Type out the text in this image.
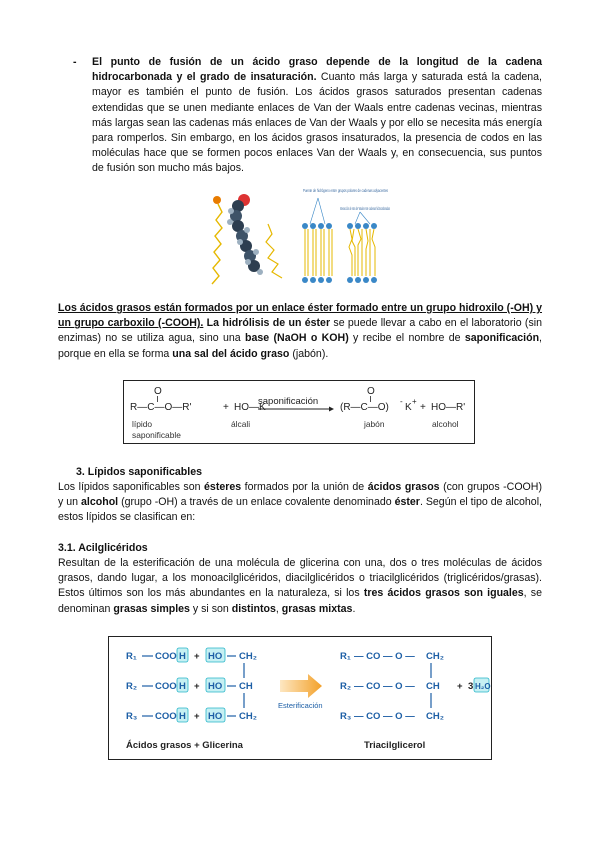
- El punto de fusión de un ácido graso depende de la longitud de la cadena hidrocarbonada y el grado de insaturación. Cuanto más larga y saturada está la cadena, mayor es también el punto de fusión. Los ácidos grasos saturados presentan cadenas extendidas que se unen mediante enlaces de Van der Waals entre cadenas vecinas, mientras más largas sean las cadenas más enlaces de Van der Waals y por ello se necesita más energía para romperlos. Sin embargo, en los ácidos grasos insaturados, la presencia de codos en las moléculas hace que se formen pocos enlaces Van der Waals y, en consecuencia, sus puntos de fusión son mucho más bajos.
Puente de hidrógeno entre grupos polares de cadenas adyacentes
Interacción de Van der Waals entre cadenas hidrocarbonadas
Los ácidos grasos están formados por un enlace éster formado entre un grupo hidroxilo (-OH) y un grupo carboxilo (-COOH). La hidrólisis de un éster se puede llevar a cabo en el laboratorio (sin enzimas) no se utiliza agua, sino una base (NaOH o KOH) y recibe el nombre de saponificación, porque en ella se forma una sal del ácido graso (jabón).
O
R—C—O—R'	+ HO—K
saponificación
O
(R—C—O)
-
K
+
+ HO—R'
lípido
saponificable
álcali	jabón	alcohol
3. Lípidos saponificables
Los lípidos saponificables son ésteres formados por la unión de ácidos grasos (con grupos -COOH) y un alcohol (grupo -OH) a través de un enlace covalente denominado éster. Según el tipo de alcohol, estos lípidos se clasifican en:
3.1. Acilglicéridos
Resultan de la esterificación de una molécula de glicerina con una, dos o tres moléculas de ácidos grasos, dando lugar, a los monoacilglicéridos, diacilglicéridos o triacilglicéridos (triglicéridos/grasas). Estos últimos son los más abundantes en la naturaleza, si los tres ácidos grasos son iguales, se denominan grasas simples y si son distintos, grasas mixtas.
R₁ COO H + HO CH₂
R₂ COO H + HO CH
R₃ COO H + HO CH₂
Esterificación
R₁ — CO — O — CH₂
R₂ — CO — O — CH
R₃ — CO — O — CH₂
+ 3 H₂O
Ácidos grasos + Glicerina	Triacilglicerol
